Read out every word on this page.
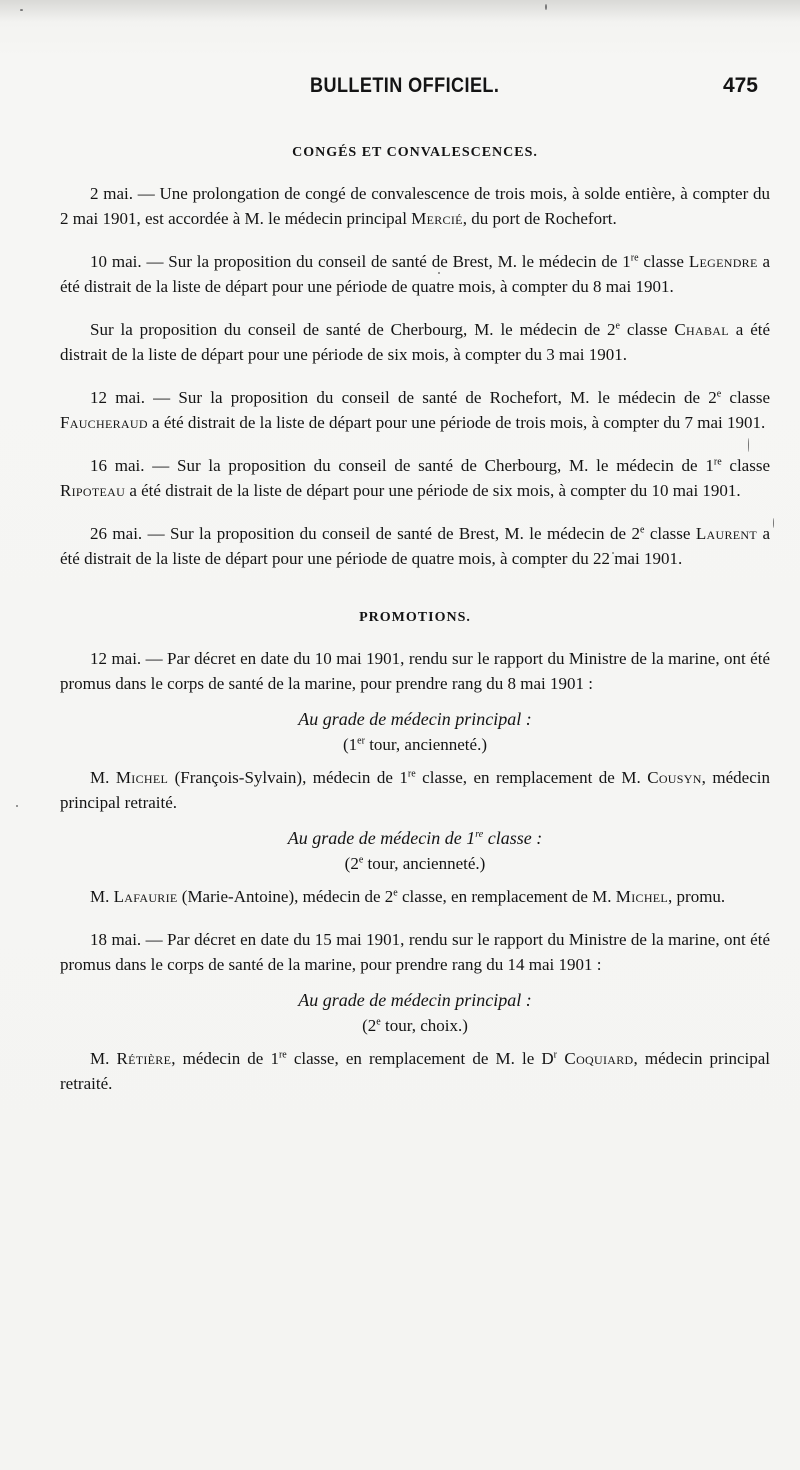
BULLETIN OFFICIEL.	475
CONGÉS ET CONVALESCENCES.

2 mai. — Une prolongation de congé de convalescence de trois mois, à solde entière, à compter du 2 mai 1901, est accordée à M. le médecin principal Mercié, du port de Rochefort.

10 mai. — Sur la proposition du conseil de santé de Brest, M. le médecin de 1re classe Legendre a été distrait de la liste de départ pour une période de quatre mois, à compter du 8 mai 1901.

Sur la proposition du conseil de santé de Cherbourg, M. le médecin de 2e classe Chabal a été distrait de la liste de départ pour une période de six mois, à compter du 3 mai 1901.

12 mai. — Sur la proposition du conseil de santé de Rochefort, M. le médecin de 2e classe Faucheraud a été distrait de la liste de départ pour une période de trois mois, à compter du 7 mai 1901.

16 mai. — Sur la proposition du conseil de santé de Cherbourg, M. le médecin de 1re classe Ripoteau a été distrait de la liste de départ pour une période de six mois, à compter du 10 mai 1901.

26 mai. — Sur la proposition du conseil de santé de Brest, M. le médecin de 2e classe Laurent a été distrait de la liste de départ pour une période de quatre mois, à compter du 22 mai 1901.

PROMOTIONS.

12 mai. — Par décret en date du 10 mai 1901, rendu sur le rapport du Ministre de la marine, ont été promus dans le corps de santé de la marine, pour prendre rang du 8 mai 1901 :

Au grade de médecin principal :
(1er tour, ancienneté.)

M. Michel (François-Sylvain), médecin de 1re classe, en remplacement de M. Cousyn, médecin principal retraité.

Au grade de médecin de 1re classe :
(2e tour, ancienneté.)

M. Lafaurie (Marie-Antoine), médecin de 2e classe, en remplacement de M. Michel, promu.

18 mai. — Par décret en date du 15 mai 1901, rendu sur le rapport du Ministre de la marine, ont été promus dans le corps de santé de la marine, pour prendre rang du 14 mai 1901 :

Au grade de médecin principal :
(2e tour, choix.)

M. Rétière, médecin de 1re classe, en remplacement de M. le $D^r$ Coquiard, médecin principal retraité.
